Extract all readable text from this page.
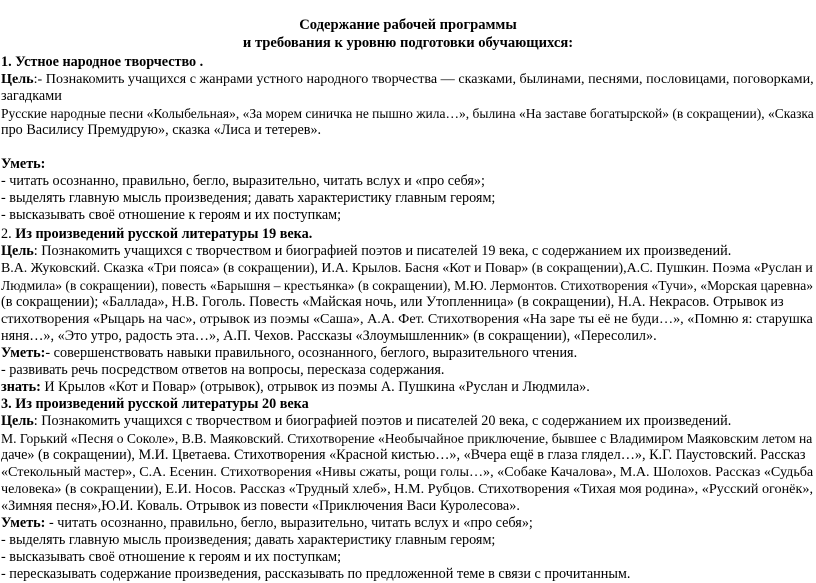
Содержание рабочей программы
и требования к уровню подготовки обучающихся:
1. Устное народное творчество .
Цель:- Познакомить учащихся с жанрами устного народного творчества — сказками, былинами, песнями, пословицами, поговорками,
загадками
Русские народные песни «Колыбельная», «За морем синичка не пышно жила…», былина «На заставе богатырской» (в сокращении), «Сказка
про Василису Премудрую», сказка «Лиса и тетерев».
Уметь:
- читать осознанно, правильно, бегло, выразительно, читать вслух и «про себя»;
- выделять главную мысль произведения; давать характеристику главным героям;
- высказывать своё отношение к героям и их поступкам;
2. Из произведений русской литературы 19 века.
Цель: Познакомить учащихся с творчеством и биографией поэтов и писателей 19 века, с содержанием их произведений.
В.А. Жуковский. Сказка «Три пояса» (в сокращении), И.А. Крылов. Басня «Кот и Повар» (в сокращении),А.С. Пушкин. Поэма «Руслан и
Людмила» (в сокращении), повесть «Барышня – крестьянка» (в сокращении), М.Ю. Лермонтов. Стихотворения «Тучи», «Морская царевна»
(в сокращении); «Баллада», Н.В. Гоголь. Повесть «Майская ночь, или Утопленница» (в сокращении), Н.А. Некрасов. Отрывок из
стихотворения «Рыцарь на час», отрывок из поэмы «Саша», А.А. Фет. Стихотворения «На заре ты её не буди…», «Помню я: старушка
няня…», «Это утро, радость эта…», А.П. Чехов. Рассказы «Злоумышленник» (в сокращении), «Пересолил».
Уметь:- совершенствовать навыки правильного, осознанного, беглого, выразительного чтения.
- развивать речь посредством ответов на вопросы, пересказа содержания.
знать: И Крылов «Кот и Повар» (отрывок), отрывок из поэмы А. Пушкина «Руслан и Людмила».
3. Из произведений русской литературы 20 века
Цель: Познакомить учащихся с творчеством и биографией поэтов и писателей 20 века, с содержанием их произведений.
М. Горький «Песня о Соколе», В.В. Маяковский. Стихотворение «Необычайное приключение, бывшее с Владимиром Маяковским летом на
даче» (в сокращении), М.И. Цветаева. Стихотворения «Красной кистью…», «Вчера ещё в глаза глядел…», К.Г. Паустовский. Рассказ
«Стекольный мастер», С.А. Есенин. Стихотворения «Нивы сжаты, рощи голы…», «Собаке Качалова», М.А. Шолохов. Рассказ «Судьба
человека» (в сокращении), Е.И. Носов. Рассказ «Трудный хлеб», Н.М. Рубцов. Стихотворения «Тихая моя родина», «Русский огонёк»,
«Зимняя песня»,Ю.И. Коваль. Отрывок из повести «Приключения Васи Куролесова».
Уметь: - читать осознанно, правильно, бегло, выразительно, читать вслух и «про себя»;
- выделять главную мысль произведения; давать характеристику главным героям;
- высказывать своё отношение к героям и их поступкам;
- пересказывать содержание произведения, рассказывать по предложенной теме в связи с прочитанным.
